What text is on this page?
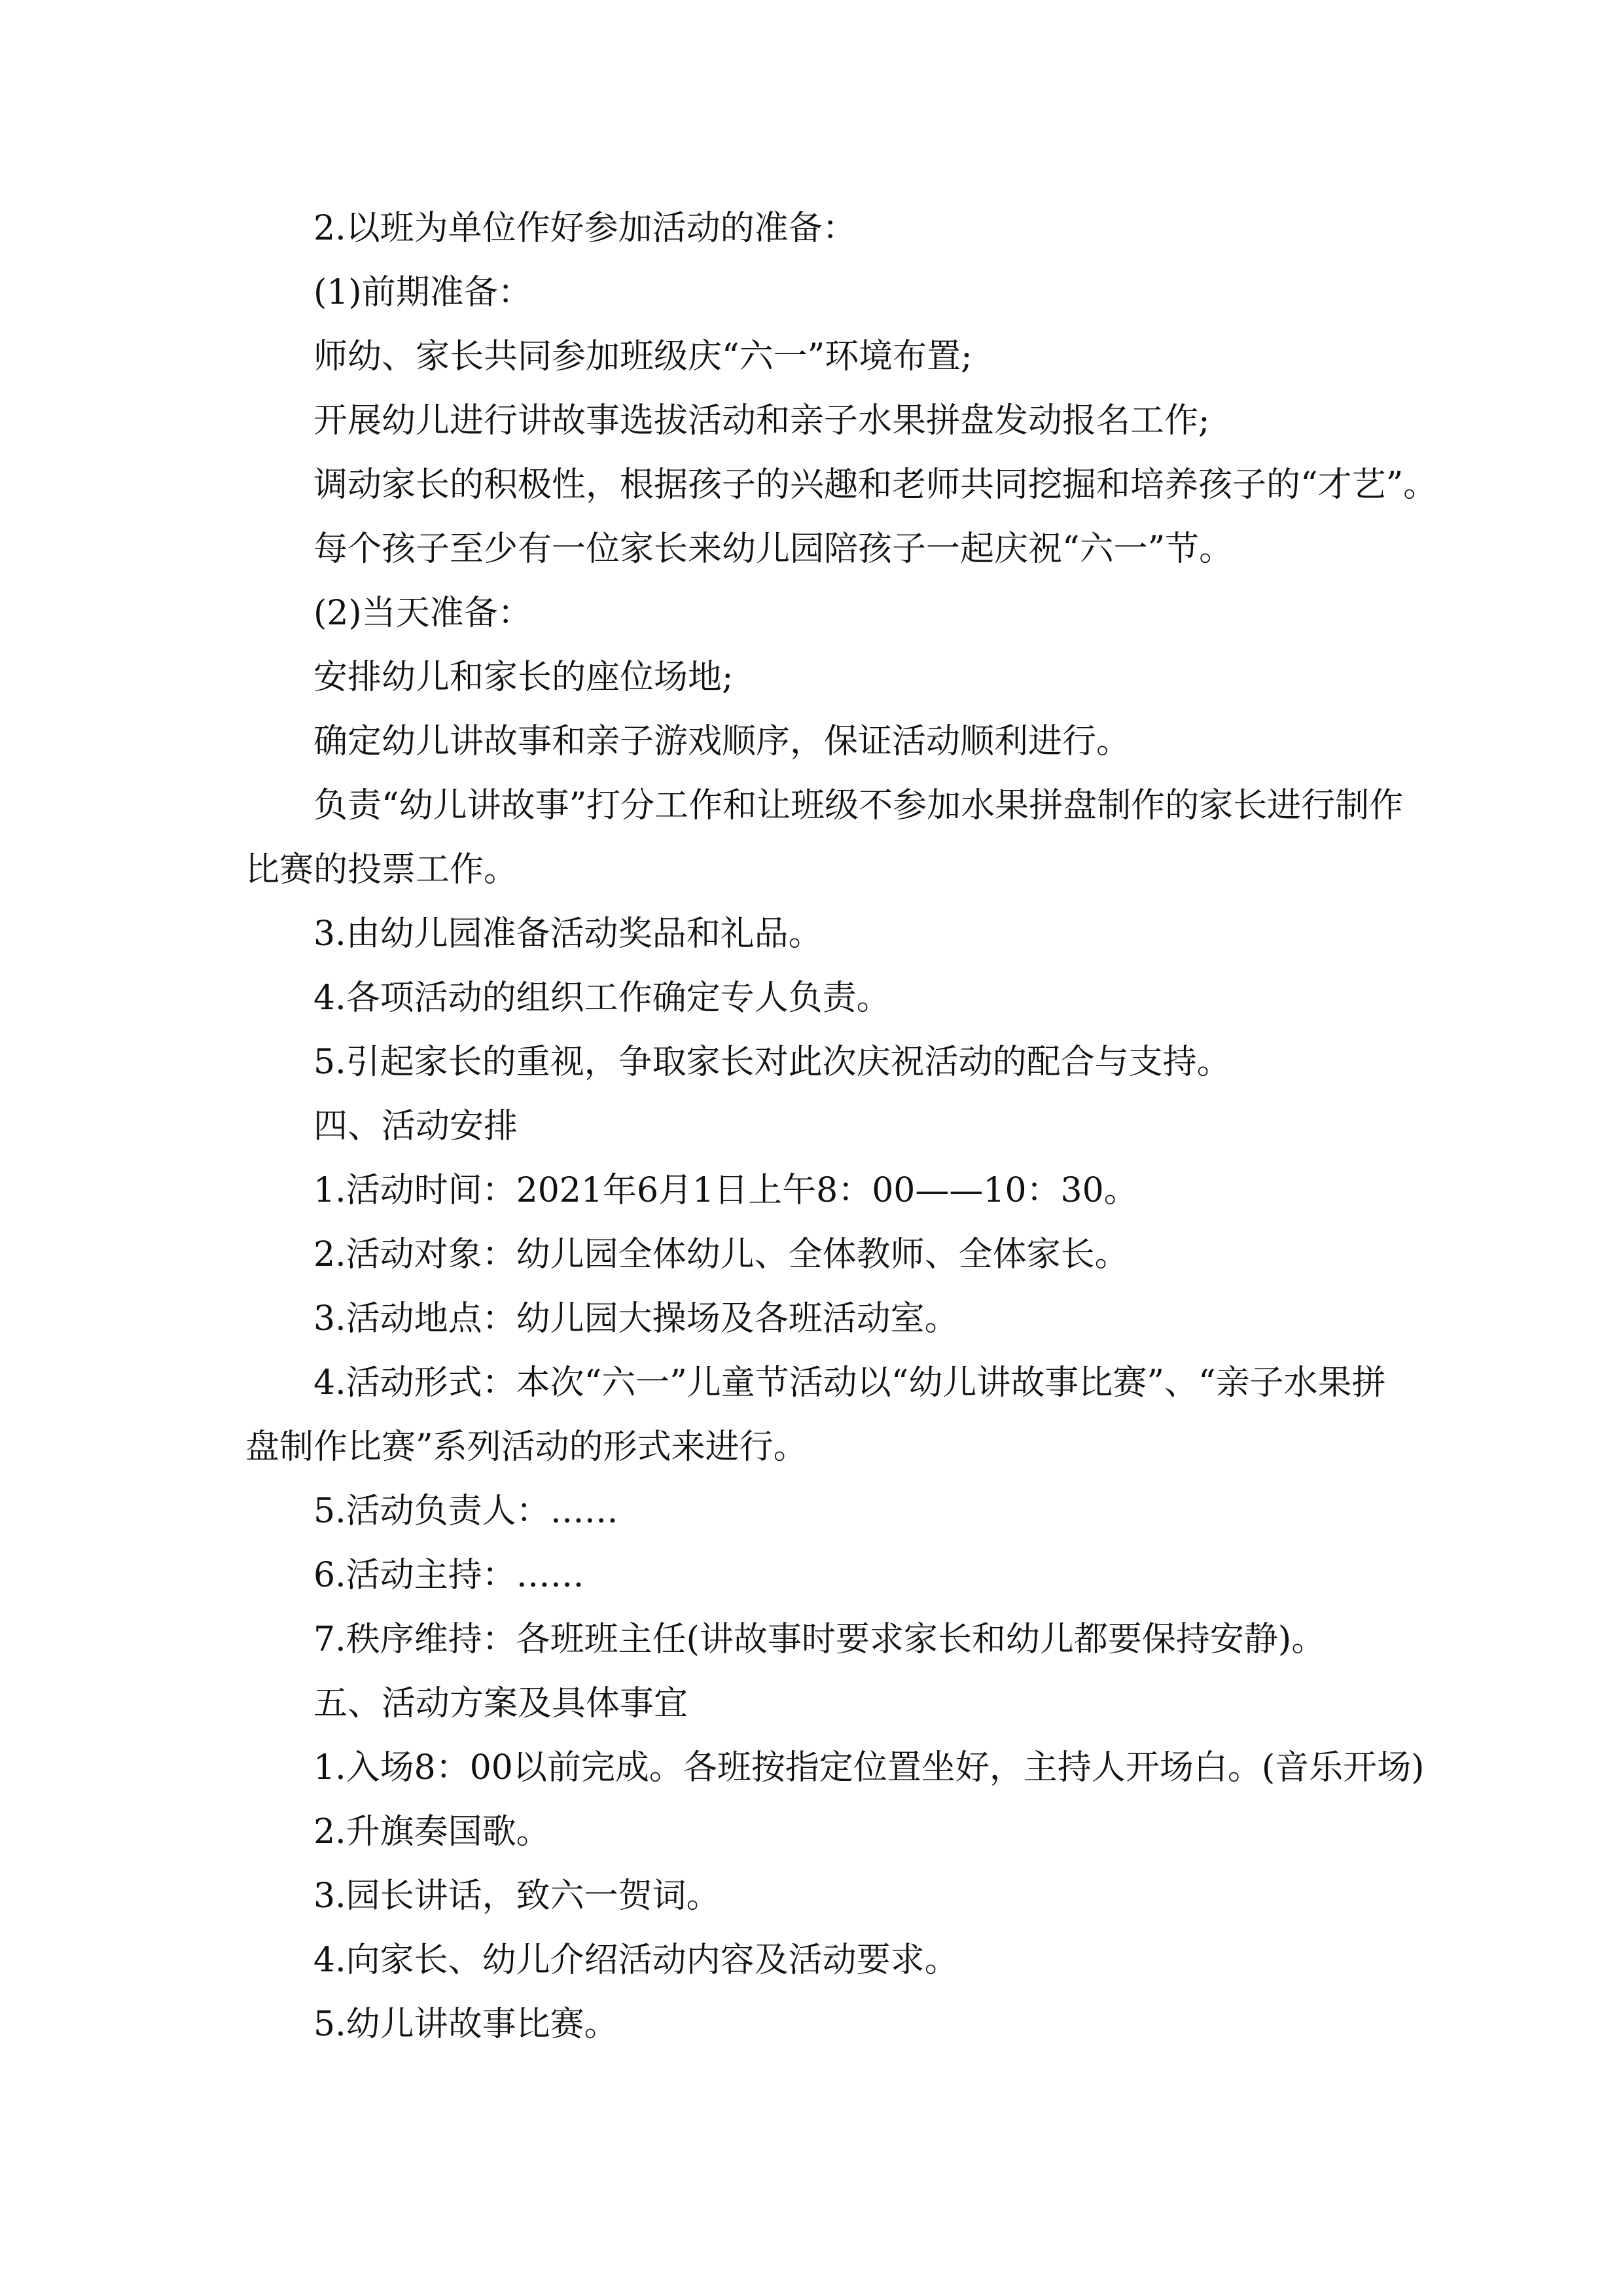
2.以班为单位作好参加活动的准备：

(1)前期准备：

师幼、家长共同参加班级庆“六一”环境布置;

开展幼儿进行讲故事选拔活动和亲子水果拼盘发动报名工作;

调动家长的积极性，根据孩子的兴趣和老师共同挖掘和培养孩子的“才艺”。

每个孩子至少有一位家长来幼儿园陪孩子一起庆祝“六一”节。

(2)当天准备：

安排幼儿和家长的座位场地;

确定幼儿讲故事和亲子游戏顺序，保证活动顺利进行。

负责“幼儿讲故事”打分工作和让班级不参加水果拼盘制作的家长进行制作
比赛的投票工作。

3.由幼儿园准备活动奖品和礼品。

4.各项活动的组织工作确定专人负责。

5.引起家长的重视，争取家长对此次庆祝活动的配合与支持。

四、活动安排

1.活动时间：2021年6月1日上午8：00——10：30。

2.活动对象：幼儿园全体幼儿、全体教师、全体家长。

3.活动地点：幼儿园大操场及各班活动室。

4.活动形式：本次“六一”儿童节活动以“幼儿讲故事比赛”、“亲子水果拼
盘制作比赛”系列活动的形式来进行。

5.活动负责人：……

6.活动主持：……

7.秩序维持：各班班主任(讲故事时要求家长和幼儿都要保持安静)。

五、活动方案及具体事宜

1.入场8：00以前完成。各班按指定位置坐好，主持人开场白。(音乐开场)

2.升旗奏国歌。

3.园长讲话，致六一贺词。

4.向家长、幼儿介绍活动内容及活动要求。

5.幼儿讲故事比赛。
